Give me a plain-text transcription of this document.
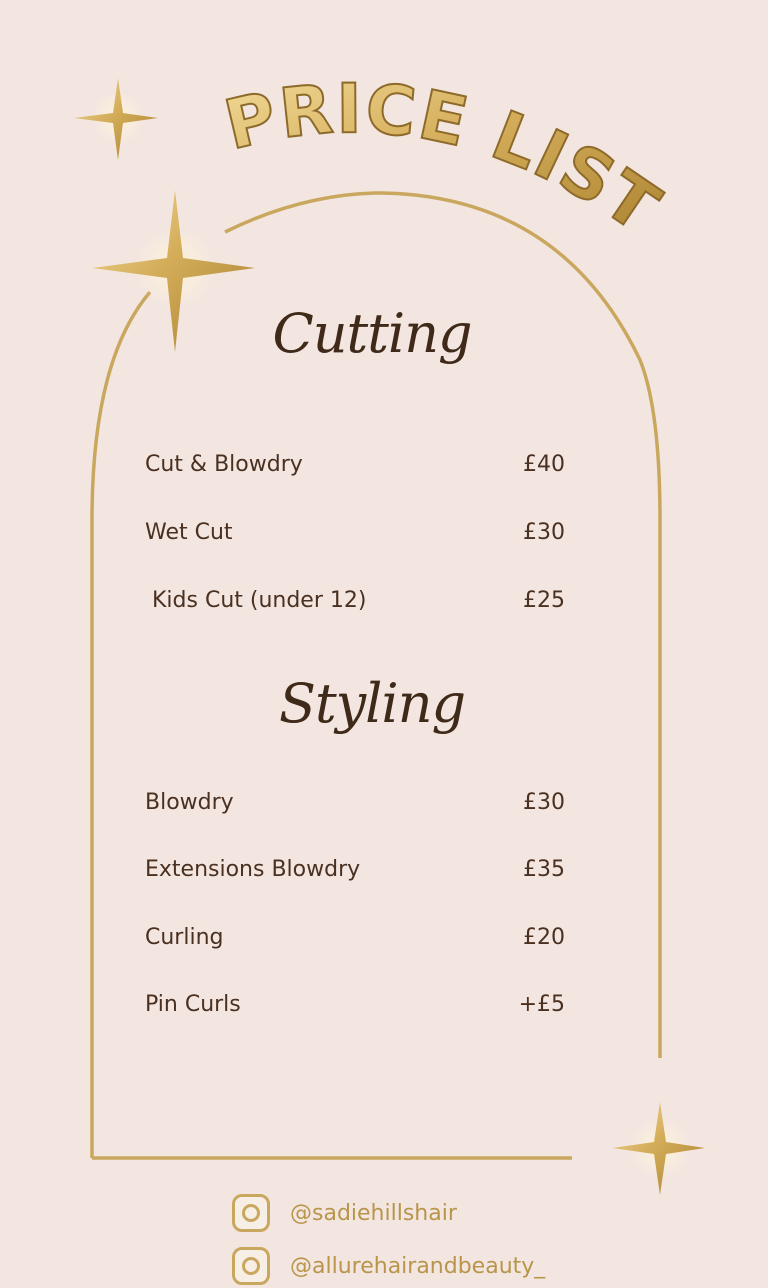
PRICE LIST
Cutting
Cut & Blowdry	£40
Wet Cut	£30
Kids Cut (under 12)	£25
Styling
Blowdry	£30
Extensions Blowdry	£35
Curling	£20
Pin Curls	+£5
@sadiehillshair
@allurehairandbeauty_
